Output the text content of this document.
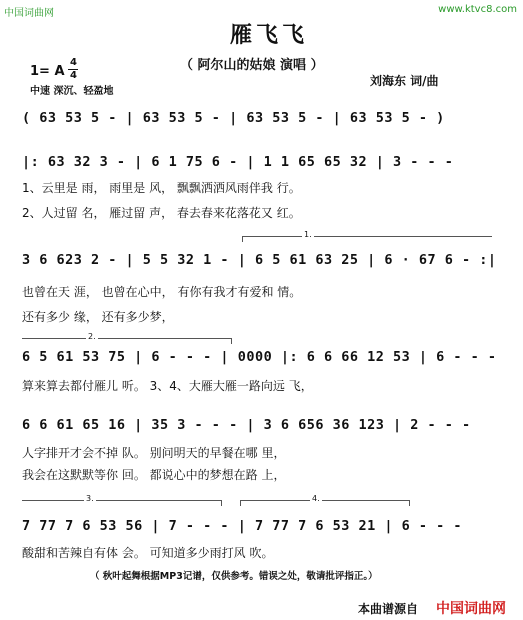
中国词曲网	www.ktvc8.com
雁飞飞
（ 阿尔山的姑娘 演唱 ）
1= A
4
4
中速 深沉、轻盈地
刘海东 词/曲
( 63 53 5 - | 63 53 5 - | 63 53 5 - | 63 53 5 - )
|: 63 32 3 - | 6 1 75 6 - | 1 1 65 65 32 | 3 - - -
1、云里是 雨， 雨里是 风， 飘飘洒洒风雨伴我 行。
2、人过留 名， 雁过留 声， 春去春来花落花又 红。
1.
3 6 623 2 - | 5 5 32 1 - | 6 5 61 63 25 | 6 · 67 6 - :|
也曾在天 涯， 也曾在心中， 有你有我才有爱和 情。
还有多少 缘， 还有多少梦，
2.
6 5 61 53 75 | 6 - - - | 0000 |: 6 6 66 12 53 | 6 - - -
算来算去都付雁儿 听。 3、4、大雁大雁一路向远 飞，
6 6 61 65 16 | 35 3 - - - | 3 6 656 36 123 | 2 - - -
人字排开才会不掉 队。 别问明天的早餐在哪 里，
我会在这默默等你 回。 都说心中的梦想在路 上，
3.	4.
7 77 7 6 53 56 | 7 - - - | 7 77 7 6 53 21 | 6 - - -
酸甜和苦辣自有体 会。 可知道多少雨打风 吹。
（ 秋叶起舞根据MP3记谱，仅供参考。错误之处，敬请批评指正。）
本曲谱源自 中国词曲网
